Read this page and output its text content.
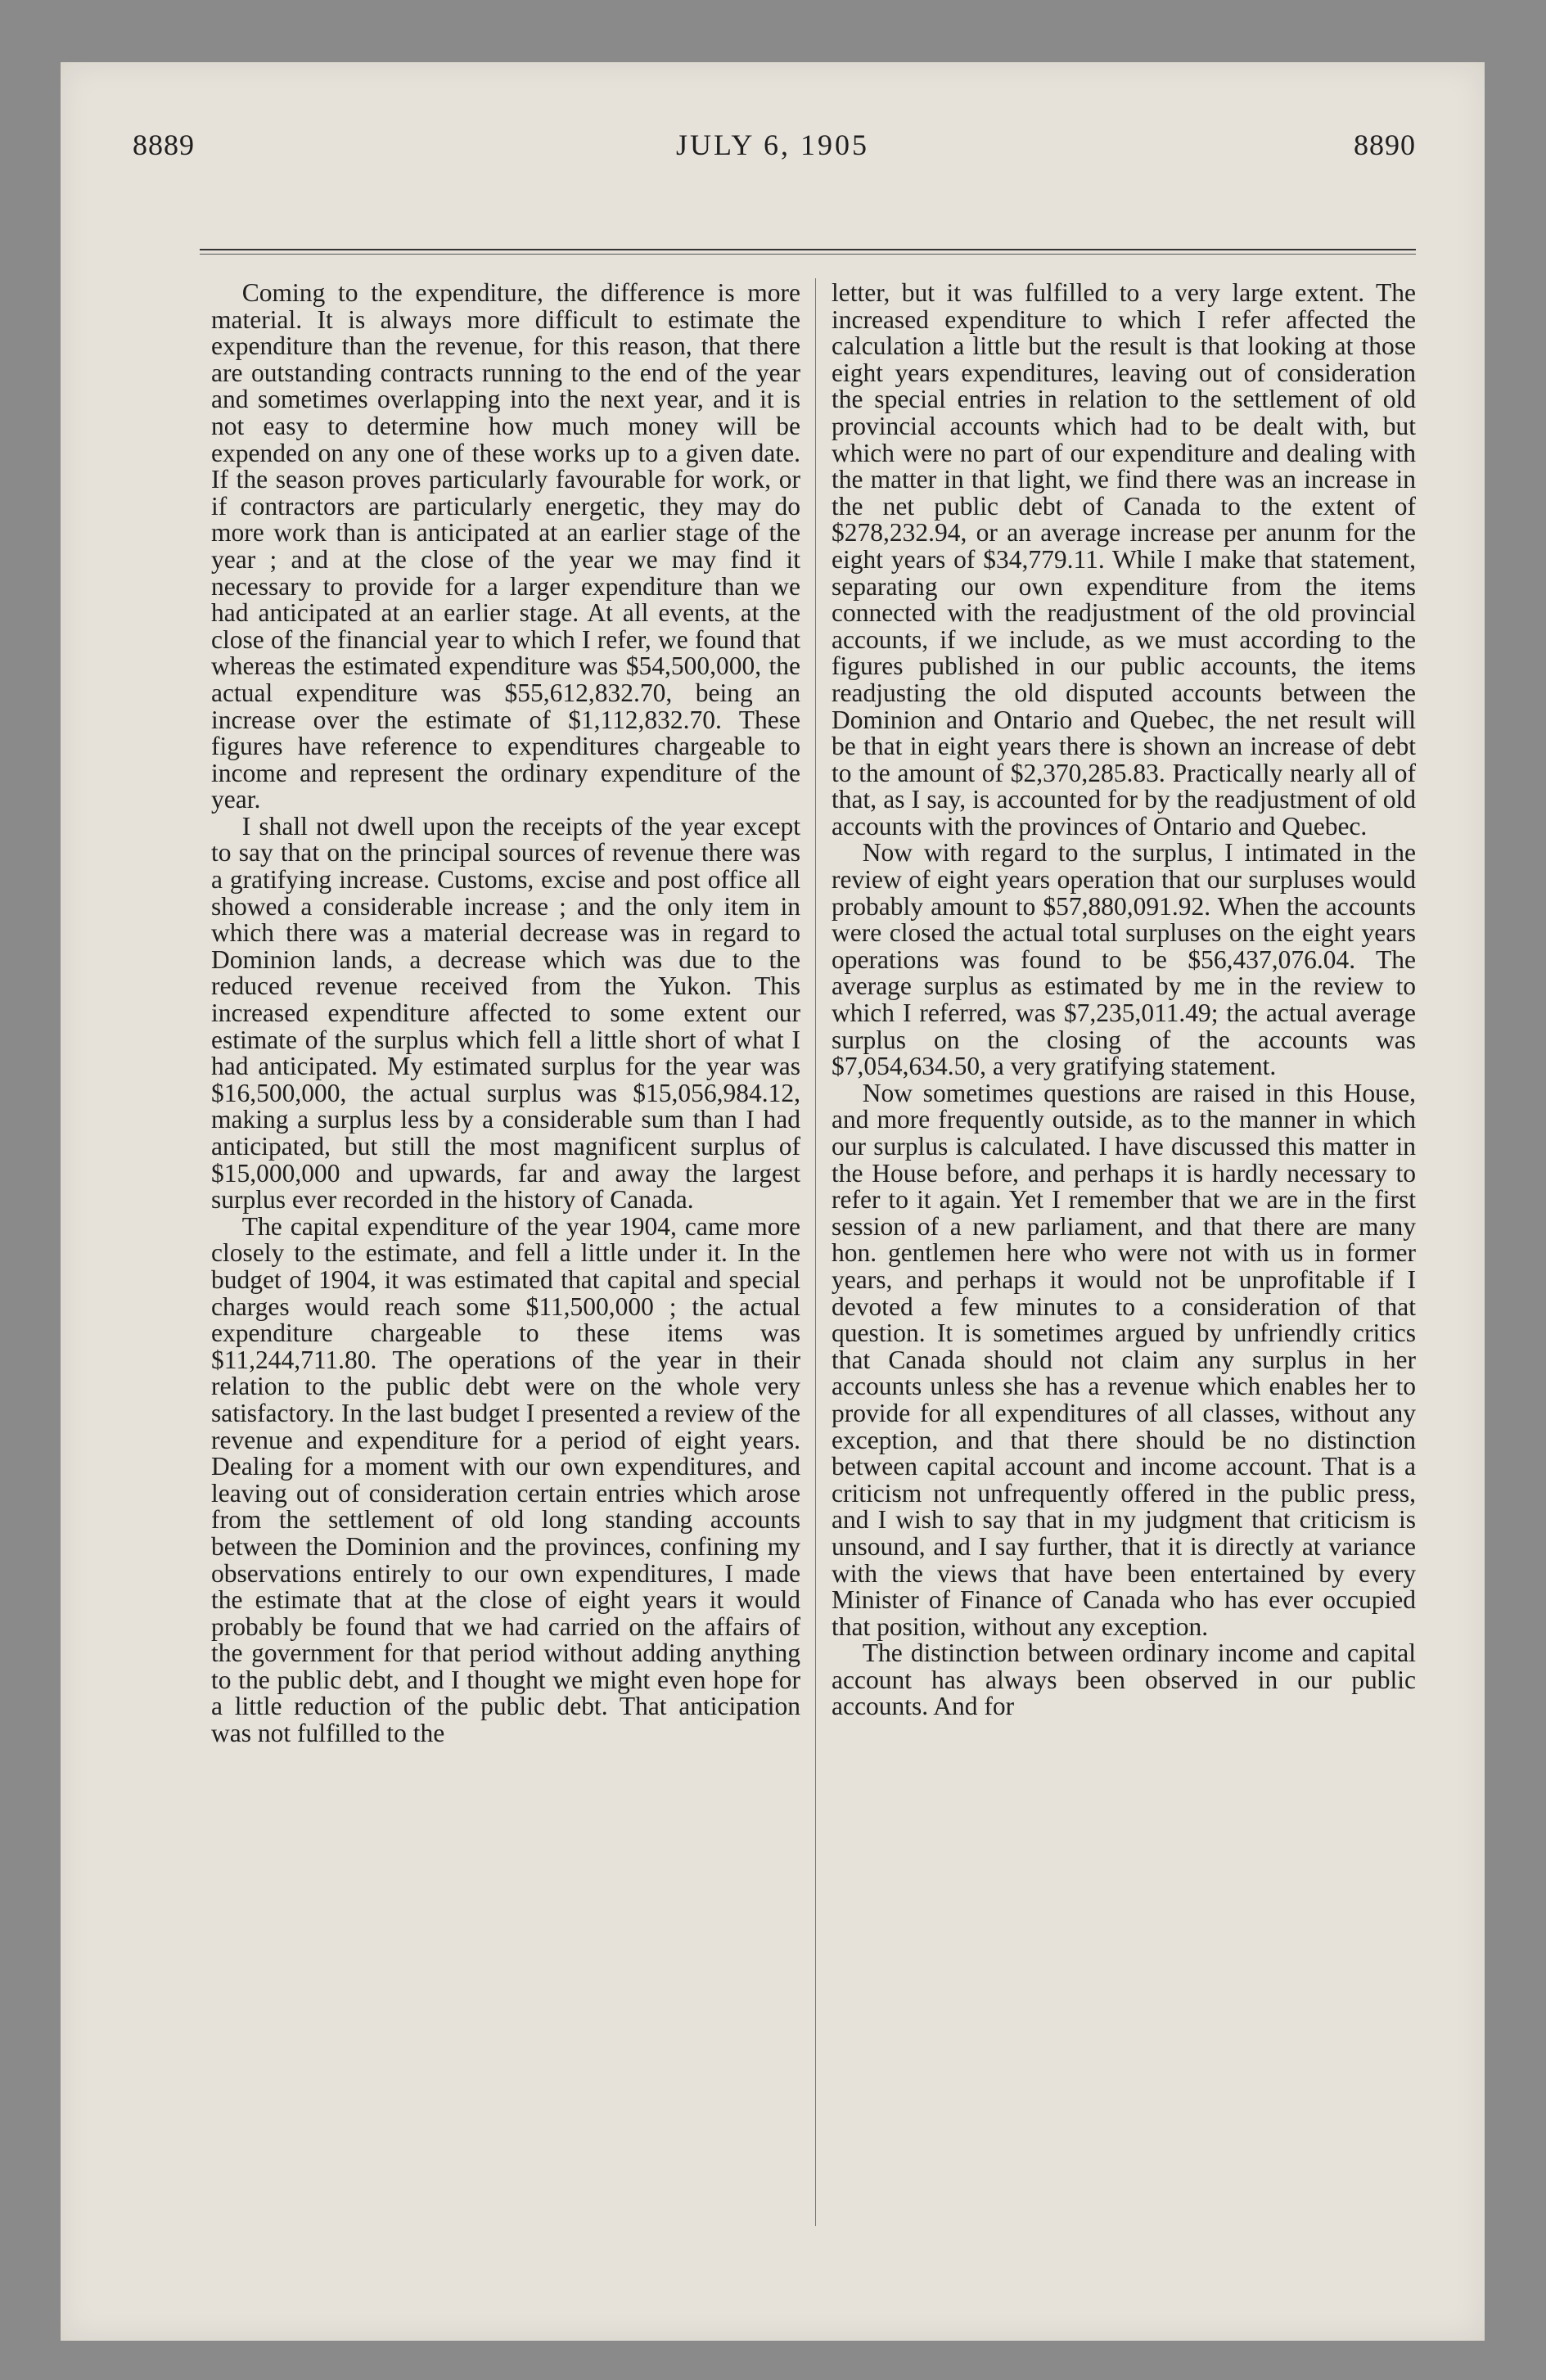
8889	JULY 6, 1905	8890

Coming to the expenditure, the difference is more material. It is always more difficult to estimate the expenditure than the revenue, for this reason, that there are outstanding contracts running to the end of the year and sometimes overlapping into the next year, and it is not easy to determine how much money will be expended on any one of these works up to a given date. If the season proves particularly favourable for work, or if contractors are particularly energetic, they may do more work than is anticipated at an earlier stage of the year ; and at the close of the year we may find it necessary to provide for a larger expenditure than we had anticipated at an earlier stage. At all events, at the close of the financial year to which I refer, we found that whereas the estimated expenditure was $54,500,000, the actual expenditure was $55,612,832.70, being an increase over the estimate of $1,112,832.70. These figures have reference to expenditures chargeable to income and represent the ordinary expenditure of the year.

I shall not dwell upon the receipts of the year except to say that on the principal sources of revenue there was a gratifying increase. Customs, excise and post office all showed a considerable increase ; and the only item in which there was a material decrease was in regard to Dominion lands, a decrease which was due to the reduced revenue received from the Yukon. This increased expenditure affected to some extent our estimate of the surplus which fell a little short of what I had anticipated. My estimated surplus for the year was $16,500,000, the actual surplus was $15,056,984.12, making a surplus less by a considerable sum than I had anticipated, but still the most magnificent surplus of $15,000,000 and upwards, far and away the largest surplus ever recorded in the history of Canada.

The capital expenditure of the year 1904, came more closely to the estimate, and fell a little under it. In the budget of 1904, it was estimated that capital and special charges would reach some $11,500,000 ; the actual expenditure chargeable to these items was $11,244,711.80. The operations of the year in their relation to the public debt were on the whole very satisfactory. In the last budget I presented a review of the revenue and expenditure for a period of eight years. Dealing for a moment with our own expenditures, and leaving out of consideration certain entries which arose from the settlement of old long standing accounts between the Dominion and the provinces, confining my observations entirely to our own expenditures, I made the estimate that at the close of eight years it would probably be found that we had carried on the affairs of the government for that period without adding anything to the public debt, and I thought we might even hope for a little reduction of the public debt. That anticipation was not fulfilled to the

letter, but it was fulfilled to a very large extent. The increased expenditure to which I refer affected the calculation a little but the result is that looking at those eight years expenditures, leaving out of consideration the special entries in relation to the settlement of old provincial accounts which had to be dealt with, but which were no part of our expenditure and dealing with the matter in that light, we find there was an increase in the net public debt of Canada to the extent of $278,232.94, or an average increase per anunm for the eight years of $34,779.11. While I make that statement, separating our own expenditure from the items connected with the readjustment of the old provincial accounts, if we include, as we must according to the figures published in our public accounts, the items readjusting the old disputed accounts between the Dominion and Ontario and Quebec, the net result will be that in eight years there is shown an increase of debt to the amount of $2,370,285.83. Practically nearly all of that, as I say, is accounted for by the readjustment of old accounts with the provinces of Ontario and Quebec.

Now with regard to the surplus, I intimated in the review of eight years operation that our surpluses would probably amount to $57,880,091.92. When the accounts were closed the actual total surpluses on the eight years operations was found to be $56,437,076.04. The average surplus as estimated by me in the review to which I referred, was $7,235,011.49; the actual average surplus on the closing of the accounts was $7,054,634.50, a very gratifying statement.

Now sometimes questions are raised in this House, and more frequently outside, as to the manner in which our surplus is calculated. I have discussed this matter in the House before, and perhaps it is hardly necessary to refer to it again. Yet I remember that we are in the first session of a new parliament, and that there are many hon. gentlemen here who were not with us in former years, and perhaps it would not be unprofitable if I devoted a few minutes to a consideration of that question. It is sometimes argued by unfriendly critics that Canada should not claim any surplus in her accounts unless she has a revenue which enables her to provide for all expenditures of all classes, without any exception, and that there should be no distinction between capital account and income account. That is a criticism not unfrequently offered in the public press, and I wish to say that in my judgment that criticism is unsound, and I say further, that it is directly at variance with the views that have been entertained by every Minister of Finance of Canada who has ever occupied that position, without any exception.

The distinction between ordinary income and capital account has always been observed in our public accounts. And for
